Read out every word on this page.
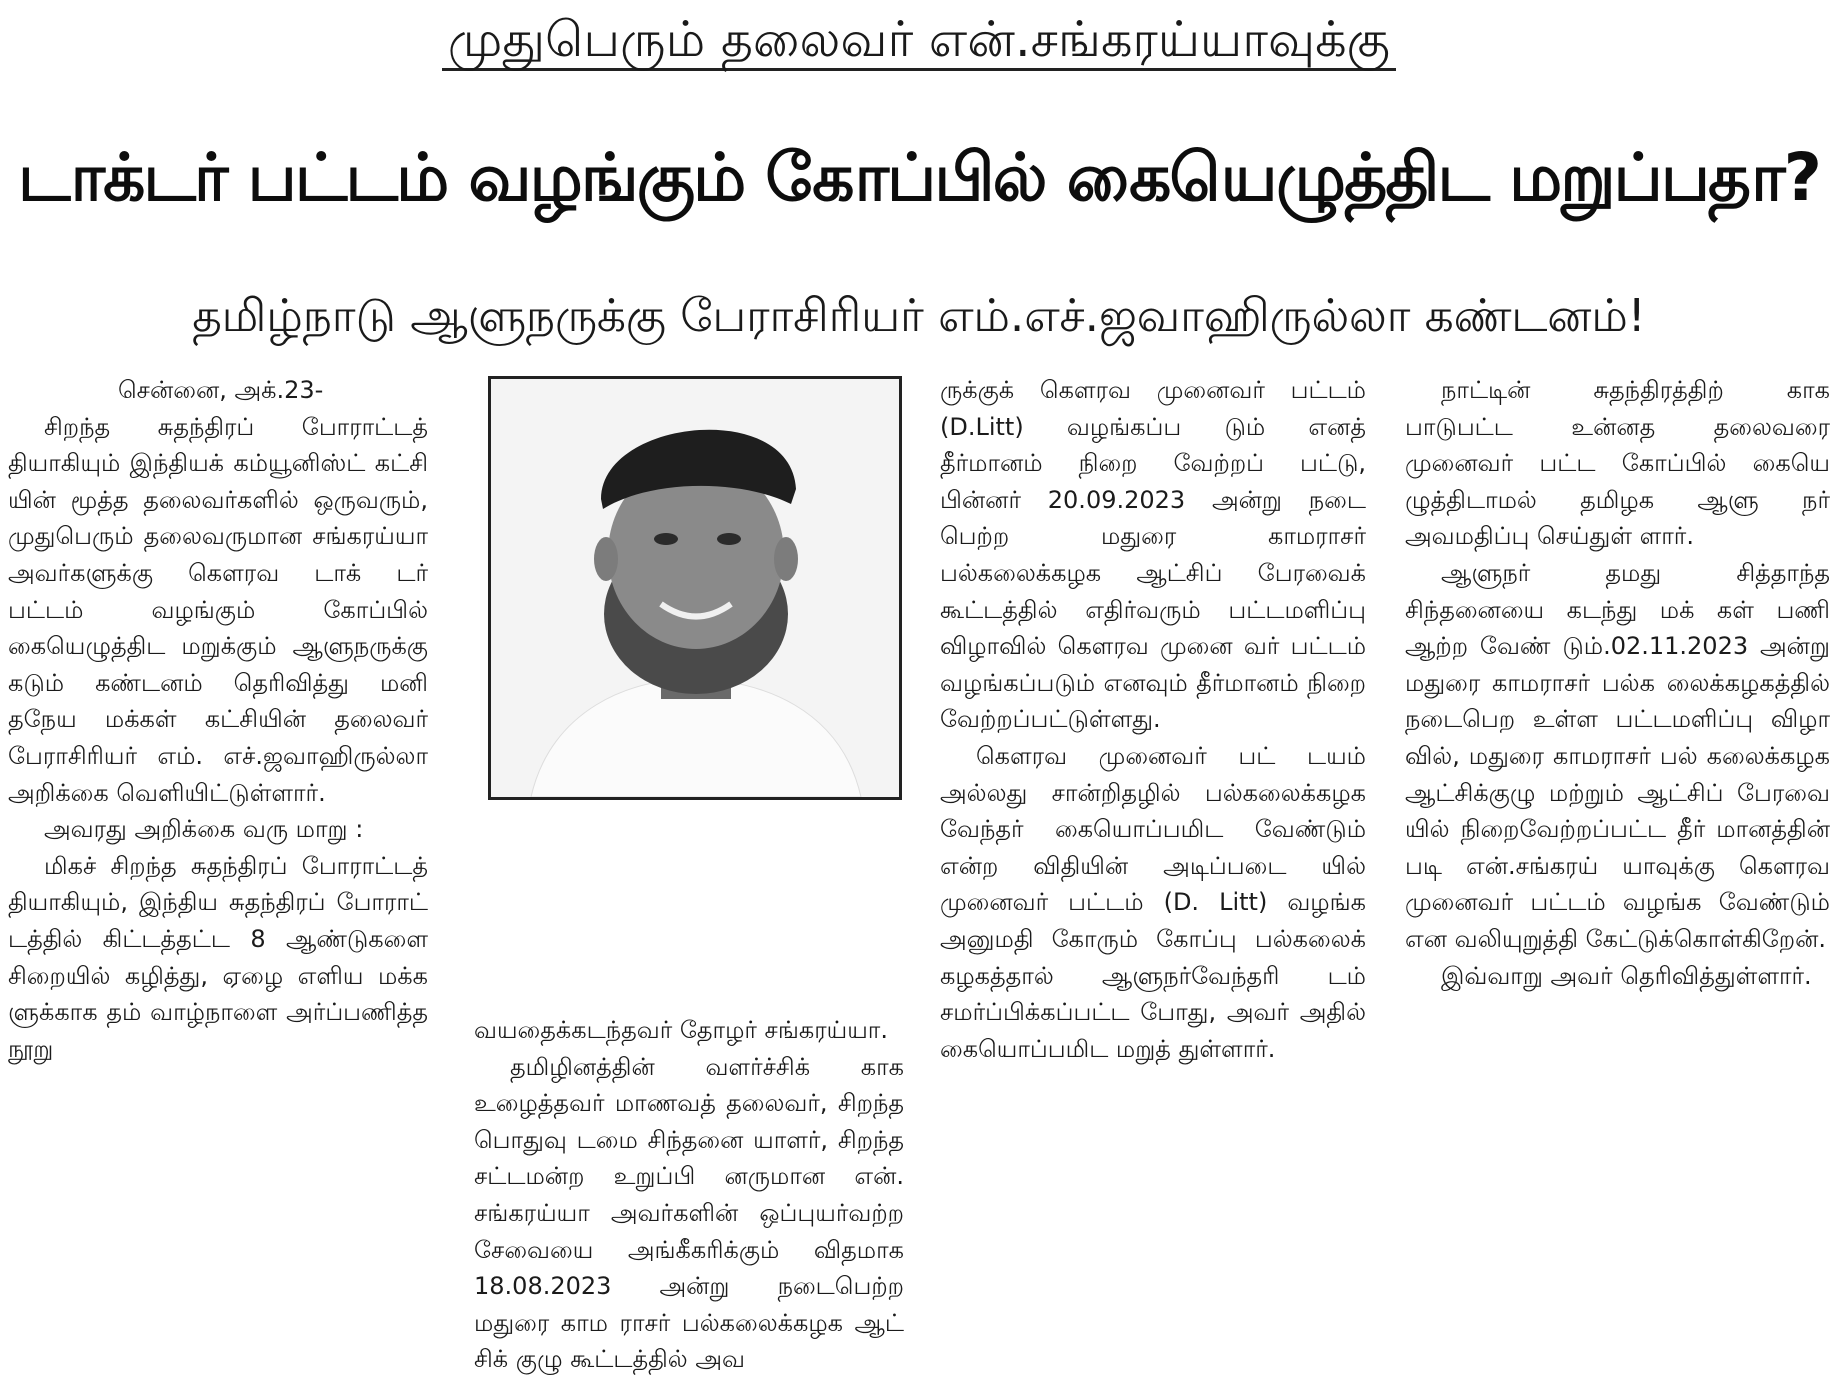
முதுபெரும் தலைவர் என்.சங்கரய்யாவுக்கு
டாக்டர் பட்டம் வழங்கும் கோப்பில் கையெழுத்திட மறுப்பதா?
தமிழ்நாடு ஆளுநருக்கு பேராசிரியர் எம்.எச்.ஜவாஹிருல்லா கண்டனம்!

சென்னை, அக்.23-

சிறந்த சுதந்திரப் போராட்டத் தியாகியும் இந்தியக் கம்யூனிஸ்ட் கட்சி யின் மூத்த தலைவர்களில் ஒருவரும், முதுபெரும் தலைவருமான சங்கரய்யா அவர்களுக்கு கௌரவ டாக் டர் பட்டம் வழங்கும் கோப்பில் கையெழுத்திட மறுக்கும் ஆளுநருக்கு கடும் கண்டனம் தெரிவித்து மனி தநேய மக்கள் கட்சியின் தலைவர் பேராசிரியர் எம். எச்.ஜவாஹிருல்லா அறிக்கை வெளியிட்டுள்ளார்.

அவரது அறிக்கை வரு மாறு :

மிகச் சிறந்த சுதந்திரப் போராட்டத் தியாகியும், இந்திய சுதந்திரப் போராட் டத்தில் கிட்டத்தட்ட 8 ஆண்டுகளை சிறையில் கழித்து, ஏழை எளிய மக்க ளுக்காக தம் வாழ்நாளை அர்ப்பணித்த நூறு

வயதைக்கடந்தவர் தோழர் சங்கரய்யா.

தமிழினத்தின் வளர்ச்சிக் காக உழைத்தவர் மாணவத் தலைவர், சிறந்த பொதுவு டமை சிந்தனை யாளர், சிறந்த சட்டமன்ற உறுப்பி னருமான என். சங்கரய்யா அவர்களின் ஒப்புயர்வற்ற சேவையை அங்கீகரிக்கும் விதமாக 18.08.2023 அன்று நடைபெற்ற மதுரை காம ராசர் பல்கலைக்கழக ஆட் சிக் குழு கூட்டத்தில் அவ

ருக்குக் கௌரவ முனைவர் பட்டம் (D.Litt) வழங்கப்ப டும் எனத் தீர்மானம் நிறை வேற்றப் பட்டு, பின்னர் 20.09.2023 அன்று நடை பெற்ற மதுரை காமராசர் பல்கலைக்கழக ஆட்சிப் பேரவைக் கூட்டத்தில் எதிர்வரும் பட்டமளிப்பு விழாவில் கௌரவ முனை வர் பட்டம் வழங்கப்படும் எனவும் தீர்மானம் நிறை வேற்றப்பட்டுள்ளது.

கௌரவ முனைவர் பட் டயம் அல்லது சான்றிதழில் பல்கலைக்கழக வேந்தர் கையொப்பமிட வேண்டும் என்ற விதியின் அடிப்படை யில் முனைவர் பட்டம் (D. Litt) வழங்க அனுமதி கோரும் கோப்பு பல்கலைக் கழகத்தால் ஆளுநர்வேந்தரி டம் சமர்ப்பிக்கப்பட்ட போது, அவர் அதில் கையொப்பமிட மறுத் துள்ளார்.

நாட்டின் சுதந்திரத்திற் காக பாடுபட்ட உன்னத தலைவரை முனைவர் பட்ட கோப்பில் கையெ ழுத்திடாமல் தமிழக ஆளு நர் அவமதிப்பு செய்துள் ளார்.

ஆளுநர் தமது சித்தாந்த சிந்தனையை கடந்து மக் கள் பணி ஆற்ற வேண் டும்.02.11.2023 அன்று மதுரை காமராசர் பல்க லைக்கழகத்தில் நடைபெற உள்ள பட்டமளிப்பு விழா வில், மதுரை காமராசர் பல் கலைக்கழக ஆட்சிக்குழு மற்றும் ஆட்சிப் பேரவை யில் நிறைவேற்றப்பட்ட தீர் மானத்தின் படி என்.சங்கரய் யாவுக்கு கௌரவ முனைவர் பட்டம் வழங்க வேண்டும் என வலியுறுத்தி கேட்டுக்கொள்கிறேன்.

இவ்வாறு அவர் தெரிவித்துள்ளார்.
